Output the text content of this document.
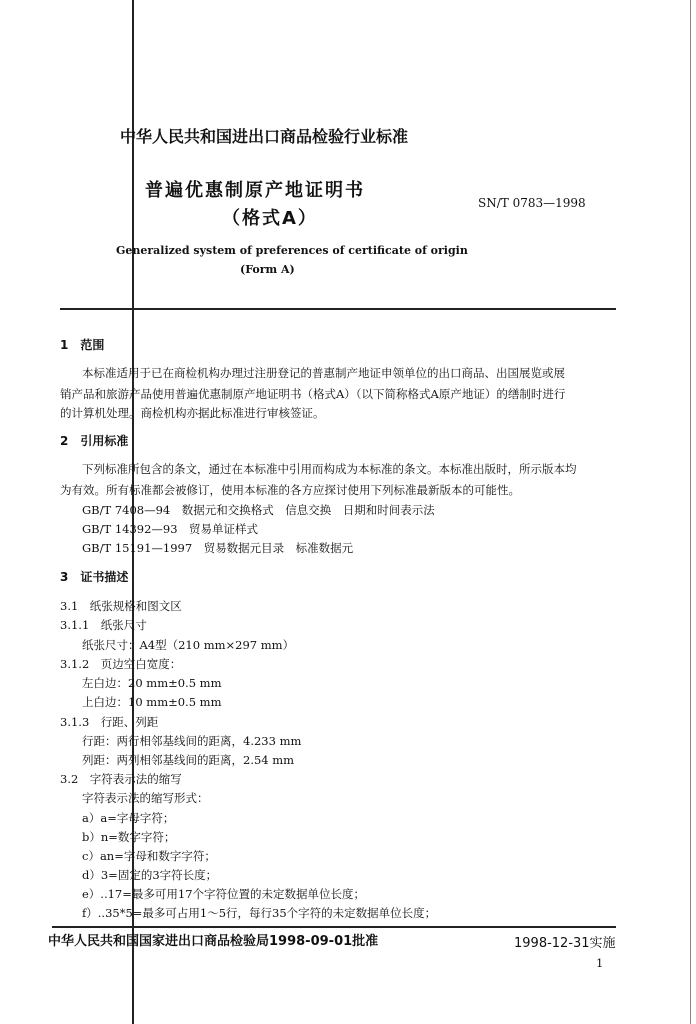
中华人民共和国进出口商品检验行业标准
普遍优惠制原产地证明书
（格式A）
SN/T 0783—1998
Generalized system of preferences of certificate of origin
(Form A)
1　范围
本标准适用于已在商检机构办理过注册登记的普惠制产地证申领单位的出口商品、出国展览或展
销产品和旅游产品使用普遍优惠制原产地证明书（格式A）（以下简称格式A原产地证）的缮制时进行
的计算机处理。商检机构亦据此标准进行审核签证。
2　引用标准
下列标准所包含的条文，通过在本标准中引用而构成为本标准的条文。本标准出版时，所示版本均
为有效。所有标准都会被修订，使用本标准的各方应探讨使用下列标准最新版本的可能性。
GB/T 7408—94　数据元和交换格式　信息交换　日期和时间表示法
GB/T 14392—93　贸易单证样式
GB/T 15191—1997　贸易数据元目录　标准数据元
3　证书描述
3.1　纸张规格和图文区
3.1.1　纸张尺寸
纸张尺寸：A4型（210 mm×297 mm）
3.1.2　页边空白宽度：
左白边：20 mm±0.5 mm
上白边：10 mm±0.5 mm
3.1.3　行距、列距
行距：两行相邻基线间的距离，4.233 mm
列距：两列相邻基线间的距离，2.54 mm
3.2　字符表示法的缩写
字符表示法的缩写形式：
a）a=字母字符；
b）n=数字字符；
c）an=字母和数字字符；
d）3=固定的3字符长度；
e）..17=最多可用17个字符位置的未定数据单位长度；
f）..35*5=最多可占用1～5行，每行35个字符的未定数据单位长度；
中华人民共和国国家进出口商品检验局1998-09-01批准	1998-12-31实施
1
